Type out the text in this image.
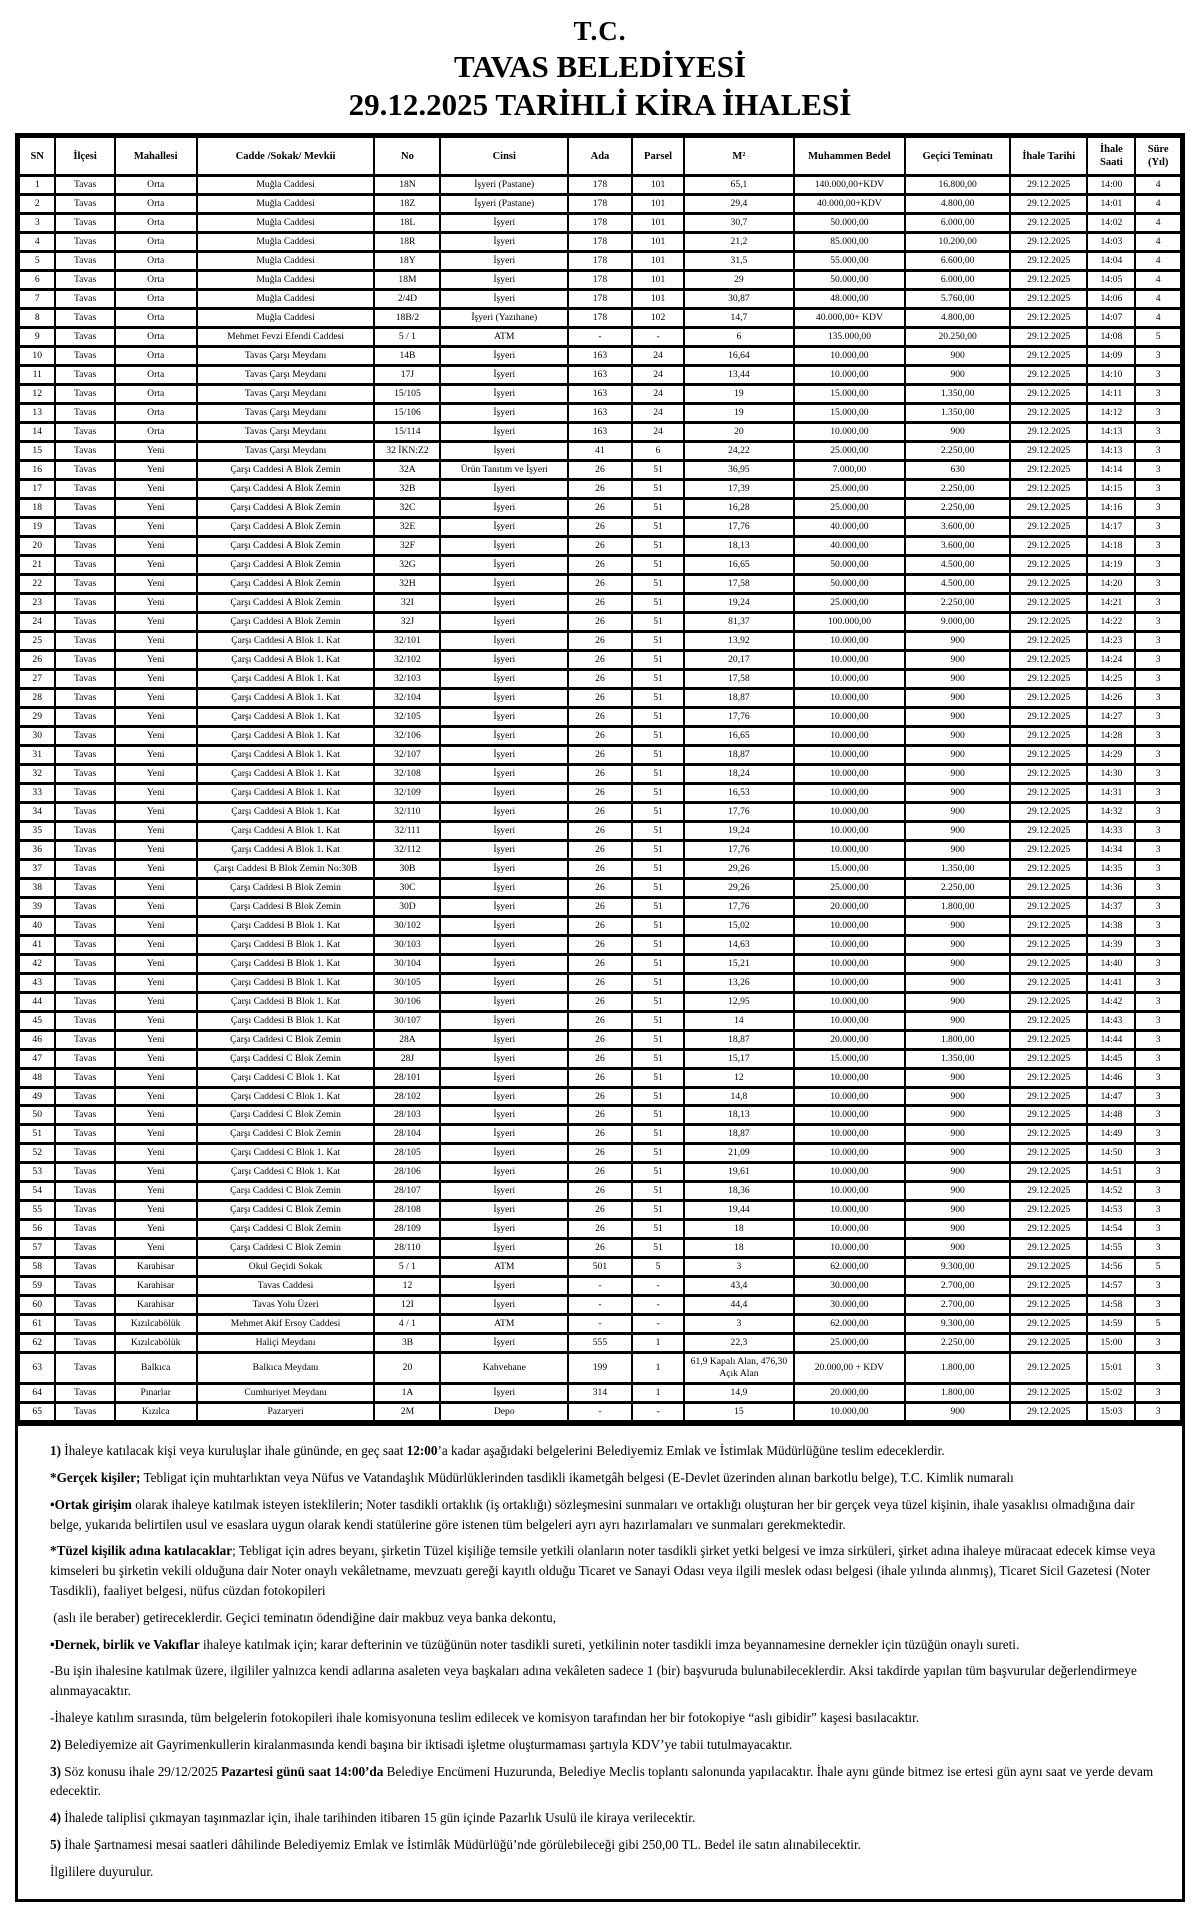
T.C.
TAVAS BELEDİYESİ
29.12.2025 TARİHLİ KİRA İHALESİ
SN	İlçesi	Mahallesi	Cadde /Sokak/ Mevkii	No	Cinsi	Ada	Parsel	M²	Muhammen Bedel	Geçici Teminatı	İhale Tarihi	İhale Saati	Süre (Yıl)
1	Tavas	Orta	Muğla Caddesi	18N	İşyeri (Pastane)	178	101	65,1	140.000,00+KDV	16.800,00	29.12.2025	14:00	4
2	Tavas	Orta	Muğla Caddesi	18Z	İşyeri (Pastane)	178	101	29,4	40.000,00+KDV	4.800,00	29.12.2025	14:01	4
3	Tavas	Orta	Muğla Caddesi	18L	İşyeri	178	101	30,7	50.000,00	6.000,00	29.12.2025	14:02	4
4	Tavas	Orta	Muğla Caddesi	18R	İşyeri	178	101	21,2	85.000,00	10.200,00	29.12.2025	14:03	4
5	Tavas	Orta	Muğla Caddesi	18Y	İşyeri	178	101	31,5	55.000,00	6.600,00	29.12.2025	14:04	4
6	Tavas	Orta	Muğla Caddesi	18M	İşyeri	178	101	29	50.000,00	6.000,00	29.12.2025	14:05	4
7	Tavas	Orta	Muğla Caddesi	2/4D	İşyeri	178	101	30,87	48.000,00	5.760,00	29.12.2025	14:06	4
8	Tavas	Orta	Muğla Caddesi	18B/2	İşyeri (Yazıhane)	178	102	14,7	40.000,00+ KDV	4.800,00	29.12.2025	14:07	4
9	Tavas	Orta	Mehmet Fevzi Efendi Caddesi	5 / 1	ATM	-	-	6	135.000,00	20.250,00	29.12.2025	14:08	5
10	Tavas	Orta	Tavas Çarşı Meydanı	14B	İşyeri	163	24	16,64	10.000,00	900	29.12.2025	14:09	3
11	Tavas	Orta	Tavas Çarşı Meydanı	17J	İşyeri	163	24	13,44	10.000,00	900	29.12.2025	14:10	3
12	Tavas	Orta	Tavas Çarşı Meydanı	15/105	İşyeri	163	24	19	15.000,00	1.350,00	29.12.2025	14:11	3
13	Tavas	Orta	Tavas Çarşı Meydanı	15/106	İşyeri	163	24	19	15.000,00	1.350,00	29.12.2025	14:12	3
14	Tavas	Orta	Tavas Çarşı Meydanı	15/114	İşyeri	163	24	20	10.000,00	900	29.12.2025	14:13	3
15	Tavas	Yeni	Tavas Çarşı Meydanı	32 İKN:Z2	İşyeri	41	6	24,22	25.000,00	2.250,00	29.12.2025	14:13	3
16	Tavas	Yeni	Çarşı Caddesi A Blok Zemin	32A	Ürün Tanıtım ve İşyeri	26	51	36,95	7.000,00	630	29.12.2025	14:14	3
17	Tavas	Yeni	Çarşı Caddesi A Blok Zemin	32B	İşyeri	26	51	17,39	25.000,00	2.250,00	29.12.2025	14:15	3
18	Tavas	Yeni	Çarşı Caddesi A Blok Zemin	32C	İşyeri	26	51	16,28	25.000,00	2.250,00	29.12.2025	14:16	3
19	Tavas	Yeni	Çarşı Caddesi A Blok Zemin	32E	İşyeri	26	51	17,76	40.000,00	3.600,00	29.12.2025	14:17	3
20	Tavas	Yeni	Çarşı Caddesi A Blok Zemin	32F	İşyeri	26	51	18,13	40.000,00	3.600,00	29.12.2025	14:18	3
21	Tavas	Yeni	Çarşı Caddesi A Blok Zemin	32G	İşyeri	26	51	16,65	50.000,00	4.500,00	29.12.2025	14:19	3
22	Tavas	Yeni	Çarşı Caddesi A Blok Zemin	32H	İşyeri	26	51	17,58	50.000,00	4.500,00	29.12.2025	14:20	3
23	Tavas	Yeni	Çarşı Caddesi A Blok Zemin	32I	İşyeri	26	51	19,24	25.000,00	2.250,00	29.12.2025	14:21	3
24	Tavas	Yeni	Çarşı Caddesi A Blok Zemin	32J	İşyeri	26	51	81,37	100.000,00	9.000,00	29.12.2025	14:22	3
25	Tavas	Yeni	Çarşı Caddesi A Blok 1. Kat	32/101	İşyeri	26	51	13,92	10.000,00	900	29.12.2025	14:23	3
26	Tavas	Yeni	Çarşı Caddesi A Blok 1. Kat	32/102	İşyeri	26	51	20,17	10.000,00	900	29.12.2025	14:24	3
27	Tavas	Yeni	Çarşı Caddesi A Blok 1. Kat	32/103	İşyeri	26	51	17,58	10.000,00	900	29.12.2025	14:25	3
28	Tavas	Yeni	Çarşı Caddesi A Blok 1. Kat	32/104	İşyeri	26	51	18,87	10.000,00	900	29.12.2025	14:26	3
29	Tavas	Yeni	Çarşı Caddesi A Blok 1. Kat	32/105	İşyeri	26	51	17,76	10.000,00	900	29.12.2025	14:27	3
30	Tavas	Yeni	Çarşı Caddesi A Blok 1. Kat	32/106	İşyeri	26	51	16,65	10.000,00	900	29.12.2025	14:28	3
31	Tavas	Yeni	Çarşı Caddesi A Blok 1. Kat	32/107	İşyeri	26	51	18,87	10.000,00	900	29.12.2025	14:29	3
32	Tavas	Yeni	Çarşı Caddesi A Blok 1. Kat	32/108	İşyeri	26	51	18,24	10.000,00	900	29.12.2025	14:30	3
33	Tavas	Yeni	Çarşı Caddesi A Blok 1. Kat	32/109	İşyeri	26	51	16,53	10.000,00	900	29.12.2025	14:31	3
34	Tavas	Yeni	Çarşı Caddesi A Blok 1. Kat	32/110	İşyeri	26	51	17,76	10.000,00	900	29.12.2025	14:32	3
35	Tavas	Yeni	Çarşı Caddesi A Blok 1. Kat	32/111	İşyeri	26	51	19,24	10.000,00	900	29.12.2025	14:33	3
36	Tavas	Yeni	Çarşı Caddesi A Blok 1. Kat	32/112	İşyeri	26	51	17,76	10.000,00	900	29.12.2025	14:34	3
37	Tavas	Yeni	Çarşı Caddesi B Blok Zemin No:30B	30B	İşyeri	26	51	29,26	15.000,00	1.350,00	29.12.2025	14:35	3
38	Tavas	Yeni	Çarşı Caddesi B Blok Zemin	30C	İşyeri	26	51	29,26	25.000,00	2.250,00	29.12.2025	14:36	3
39	Tavas	Yeni	Çarşı Caddesi B Blok Zemin	30D	İşyeri	26	51	17,76	20.000,00	1.800,00	29.12.2025	14:37	3
40	Tavas	Yeni	Çarşı Caddesi B Blok 1. Kat	30/102	İşyeri	26	51	15,02	10.000,00	900	29.12.2025	14:38	3
41	Tavas	Yeni	Çarşı Caddesi B Blok 1. Kat	30/103	İşyeri	26	51	14,63	10.000,00	900	29.12.2025	14:39	3
42	Tavas	Yeni	Çarşı Caddesi B Blok 1. Kat	30/104	İşyeri	26	51	15,21	10.000,00	900	29.12.2025	14:40	3
43	Tavas	Yeni	Çarşı Caddesi B Blok 1. Kat	30/105	İşyeri	26	51	13,26	10.000,00	900	29.12.2025	14:41	3
44	Tavas	Yeni	Çarşı Caddesi B Blok 1. Kat	30/106	İşyeri	26	51	12,95	10.000,00	900	29.12.2025	14:42	3
45	Tavas	Yeni	Çarşı Caddesi B Blok 1. Kat	30/107	İşyeri	26	51	14	10.000,00	900	29.12.2025	14:43	3
46	Tavas	Yeni	Çarşı Caddesi C Blok Zemin	28A	İşyeri	26	51	18,87	20.000,00	1.800,00	29.12.2025	14:44	3
47	Tavas	Yeni	Çarşı Caddesi C Blok Zemin	28J	İşyeri	26	51	15,17	15.000,00	1.350,00	29.12.2025	14:45	3
48	Tavas	Yeni	Çarşı Caddesi C Blok 1. Kat	28/101	İşyeri	26	51	12	10.000,00	900	29.12.2025	14:46	3
49	Tavas	Yeni	Çarşı Caddesi C Blok 1. Kat	28/102	İşyeri	26	51	14,8	10.000,00	900	29.12.2025	14:47	3
50	Tavas	Yeni	Çarşı Caddesi C Blok Zemin	28/103	İşyeri	26	51	18,13	10.000,00	900	29.12.2025	14:48	3
51	Tavas	Yeni	Çarşı Caddesi C Blok Zemin	28/104	İşyeri	26	51	18,87	10.000,00	900	29.12.2025	14:49	3
52	Tavas	Yeni	Çarşı Caddesi C Blok 1. Kat	28/105	İşyeri	26	51	21,09	10.000,00	900	29.12.2025	14:50	3
53	Tavas	Yeni	Çarşı Caddesi C Blok 1. Kat	28/106	İşyeri	26	51	19,61	10.000,00	900	29.12.2025	14:51	3
54	Tavas	Yeni	Çarşı Caddesi C Blok Zemin	28/107	İşyeri	26	51	18,36	10.000,00	900	29.12.2025	14:52	3
55	Tavas	Yeni	Çarşı Caddesi C Blok Zemin	28/108	İşyeri	26	51	19,44	10.000,00	900	29.12.2025	14:53	3
56	Tavas	Yeni	Çarşı Caddesi C Blok Zemin	28/109	İşyeri	26	51	18	10.000,00	900	29.12.2025	14:54	3
57	Tavas	Yeni	Çarşı Caddesi C Blok Zemin	28/110	İşyeri	26	51	18	10.000,00	900	29.12.2025	14:55	3
58	Tavas	Karahisar	Okul Geçidi Sokak	5 / 1	ATM	501	5	3	62.000,00	9.300,00	29.12.2025	14:56	5
59	Tavas	Karahisar	Tavas Caddesi	12	İşyeri	-	-	43,4	30.000,00	2.700,00	29.12.2025	14:57	3
60	Tavas	Karahisar	Tavas Yolu Üzeri	12I	İşyeri	-	-	44,4	30.000,00	2.700,00	29.12.2025	14:58	3
61	Tavas	Kızılcabölük	Mehmet Akif Ersoy Caddesi	4 / 1	ATM	-	-	3	62.000,00	9.300,00	29.12.2025	14:59	5
62	Tavas	Kızılcabölük	Haliçi Meydanı	3B	İşyeri	555	1	22,3	25.000,00	2.250,00	29.12.2025	15:00	3
63	Tavas	Balkıca	Balkıca Meydanı	20	Kahvehane	199	1	61,9 Kapalı Alan, 476,30 Açık Alan	20.000,00 + KDV	1.800,00	29.12.2025	15:01	3
64	Tavas	Pınarlar	Cumhuriyet Meydanı	1A	İşyeri	314	1	14,9	20.000,00	1.800,00	29.12.2025	15:02	3
65	Tavas	Kızılca	Pazaryeri	2M	Depo	-	-	15	10.000,00	900	29.12.2025	15:03	3

1) İhaleye katılacak kişi veya kuruluşlar ihale gününde, en geç saat 12:00’a kadar aşağıdaki belgelerini Belediyemiz Emlak ve İstimlak Müdürlüğüne teslim edeceklerdir.

*Gerçek kişiler; Tebligat için muhtarlıktan veya Nüfus ve Vatandaşlık Müdürlüklerinden tasdikli ikametgâh belgesi (E-Devlet üzerinden alınan barkotlu belge), T.C. Kimlik numaralı

•Ortak girişim olarak ihaleye katılmak isteyen isteklilerin; Noter tasdikli ortaklık (iş ortaklığı) sözleşmesini sunmaları ve ortaklığı oluşturan her bir gerçek veya tüzel kişinin, ihale yasaklısı olmadığına dair belge, yukarıda belirtilen usul ve esaslara uygun olarak kendi statülerine göre istenen tüm belgeleri ayrı ayrı hazırlamaları ve sunmaları gerekmektedir.

*Tüzel kişilik adına katılacaklar; Tebligat için adres beyanı, şirketin Tüzel kişiliğe temsile yetkili olanların noter tasdikli şirket yetki belgesi ve imza sirküleri, şirket adına ihaleye müracaat edecek kimse veya kimseleri bu şirketin vekili olduğuna dair Noter onaylı vekâletname, mevzuatı gereği kayıtlı olduğu Ticaret ve Sanayi Odası veya ilgili meslek odası belgesi (ihale yılında alınmış), Ticaret Sicil Gazetesi (Noter Tasdikli), faaliyet belgesi, nüfus cüzdan fotokopileri

(aslı ile beraber) getireceklerdir. Geçici teminatın ödendiğine dair makbuz veya banka dekontu,

•Dernek, birlik ve Vakıflar ihaleye katılmak için; karar defterinin ve tüzüğünün noter tasdikli sureti, yetkilinin noter tasdikli imza beyannamesine dernekler için tüzüğün onaylı sureti.

-Bu işin ihalesine katılmak üzere, ilgililer yalnızca kendi adlarına asaleten veya başkaları adına vekâleten sadece 1 (bir) başvuruda bulunabileceklerdir. Aksi takdirde yapılan tüm başvurular değerlendirmeye alınmayacaktır.

-İhaleye katılım sırasında, tüm belgelerin fotokopileri ihale komisyonuna teslim edilecek ve komisyon tarafından her bir fotokopiye “aslı gibidir” kaşesi basılacaktır.

2) Belediyemize ait Gayrimenkullerin kiralanmasında kendi başına bir iktisadi işletme oluşturmaması şartıyla KDV’ye tabii tutulmayacaktır.

3) Söz konusu ihale 29/12/2025 Pazartesi günü saat 14:00’da Belediye Encümeni Huzurunda, Belediye Meclis toplantı salonunda yapılacaktır. İhale aynı günde bitmez ise ertesi gün aynı saat ve yerde devam edecektir.

4) İhalede taliplisi çıkmayan taşınmazlar için, ihale tarihinden itibaren 15 gün içinde Pazarlık Usulü ile kiraya verilecektir.

5) İhale Şartnamesi mesai saatleri dâhilinde Belediyemiz Emlak ve İstimlâk Müdürlüğü’nde görülebileceği gibi 250,00 TL. Bedel ile satın alınabilecektir.

İlgililere duyurulur.
